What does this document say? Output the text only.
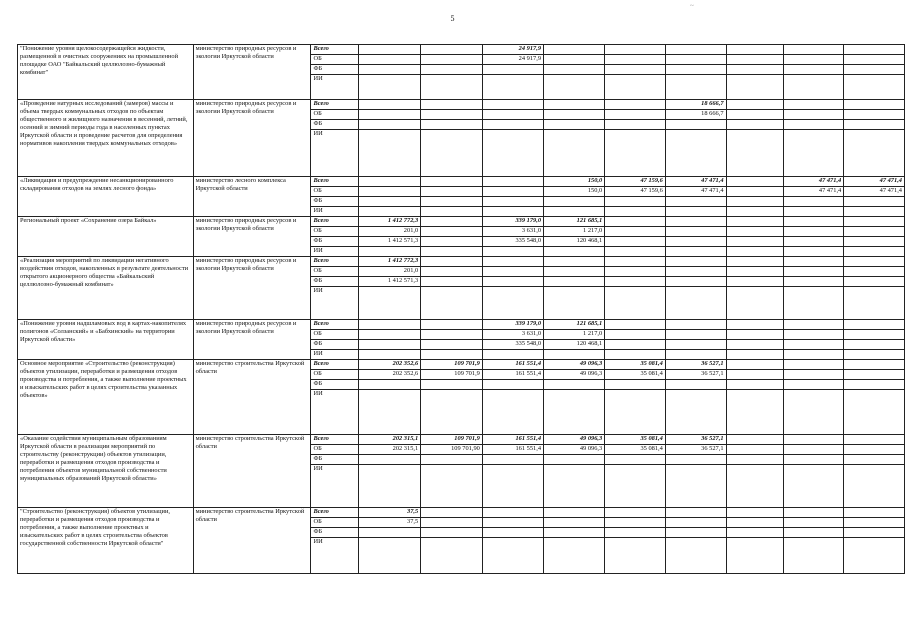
~
5
"Понижение уровня щелокосодержащейся жидкости, размещенной в очистных сооружениях на промышленной площадке ОАО "Байкальский целлюлозно-бумажный комбинат"	министерство природных ресурсов и экологии Иркутской области	Всего			24 917,9						
		ОБ			24 917,9						
		ФБ									
		ИИ									
«Проведение натурных исследований (замеров) массы и объема твердых коммунальных отходов по объектам общественного и жилищного назначения в весенний, летний, осенний и зимний периоды года в населенных пунктах Иркутской области и проведение расчетов для определения нормативов накопления твердых коммунальных отходов»	министерство природных ресурсов и экологии Иркутской области	Всего						18 666,7			
		ОБ						18 666,7			
		ФБ									
		ИИ									
«Ликвидация и предупреждение несанкционированного складирования отходов на землях лесного фонда»	министерство лесного комплекса Иркутской области	Всего				150,0	47 159,6	47 471,4		47 471,4	47 471,4
		ОБ				150,0	47 159,6	47 471,4		47 471,4	47 471,4
		ФБ									
		ИИ									
Региональный проект «Сохранение озера Байкал»	министерство природных ресурсов и экологии Иркутской области	Всего	1 412 772,3		339 179,0	121 685,1					
		ОБ	201,0		3 631,0	1 217,0					
		ФБ	1 412 571,3		335 548,0	120 468,1					
		ИИ									
«Реализация мероприятий по ликвидации негативного воздействия отходов, накопленных в результате деятельности открытого акционерного общества «Байкальский целлюлозно-бумажный комбинат»	министерство природных ресурсов и экологии Иркутской области	Всего	1 412 772,3								
		ОБ	201,0								
		ФБ	1 412 571,3								
		ИИ									
«Понижение уровня надшламовых вод в картах-накопителях полигонов «Солзанский» и «Бабхинский» на территории Иркутской области»	министерство природных ресурсов и экологии Иркутской области	Всего			339 179,0	121 685,1					
		ОБ			3 631,0	1 217,0					
		ФБ			335 548,0	120 468,1					
		ИИ									
Основное мероприятие «Строительство (реконструкция) объектов утилизации, переработки и размещения отходов производства и потребления, а также выполнение проектных и изыскательских работ в целях строительства указанных объектов»	министерство строительства Иркутской области	Всего	202 352,6	109 701,9	161 551,4	49 096,3	35 081,4	36 527,1			
		ОБ	202 352,6	109 701,9	161 551,4	49 096,3	35 081,4	36 527,1			
		ФБ									
		ИИ									
«Оказание содействия муниципальным образованиям Иркутской области в реализации мероприятий по строительству (реконструкции) объектов утилизации, переработки и размещения отходов производства и потребления объектов муниципальной собственности муниципальных образований Иркутской области»	министерство строительства Иркутской области	Всего	202 315,1	109 701,9	161 551,4	49 096,3	35 081,4	36 527,1			
		ОБ	202 315,1	109 701,90	161 551,4	49 096,3	35 081,4	36 527,1			
		ФБ									
		ИИ									
"Строительство (реконструкция) объектов утилизации, переработки и размещения отходов производства и потребления, а также выполнение проектных и изыскательских работ в целях строительства объектов государственной собственности Иркутской области"	министерство строительства Иркутской области	Всего	37,5								
		ОБ	37,5								
		ФБ									
		ИИ									
